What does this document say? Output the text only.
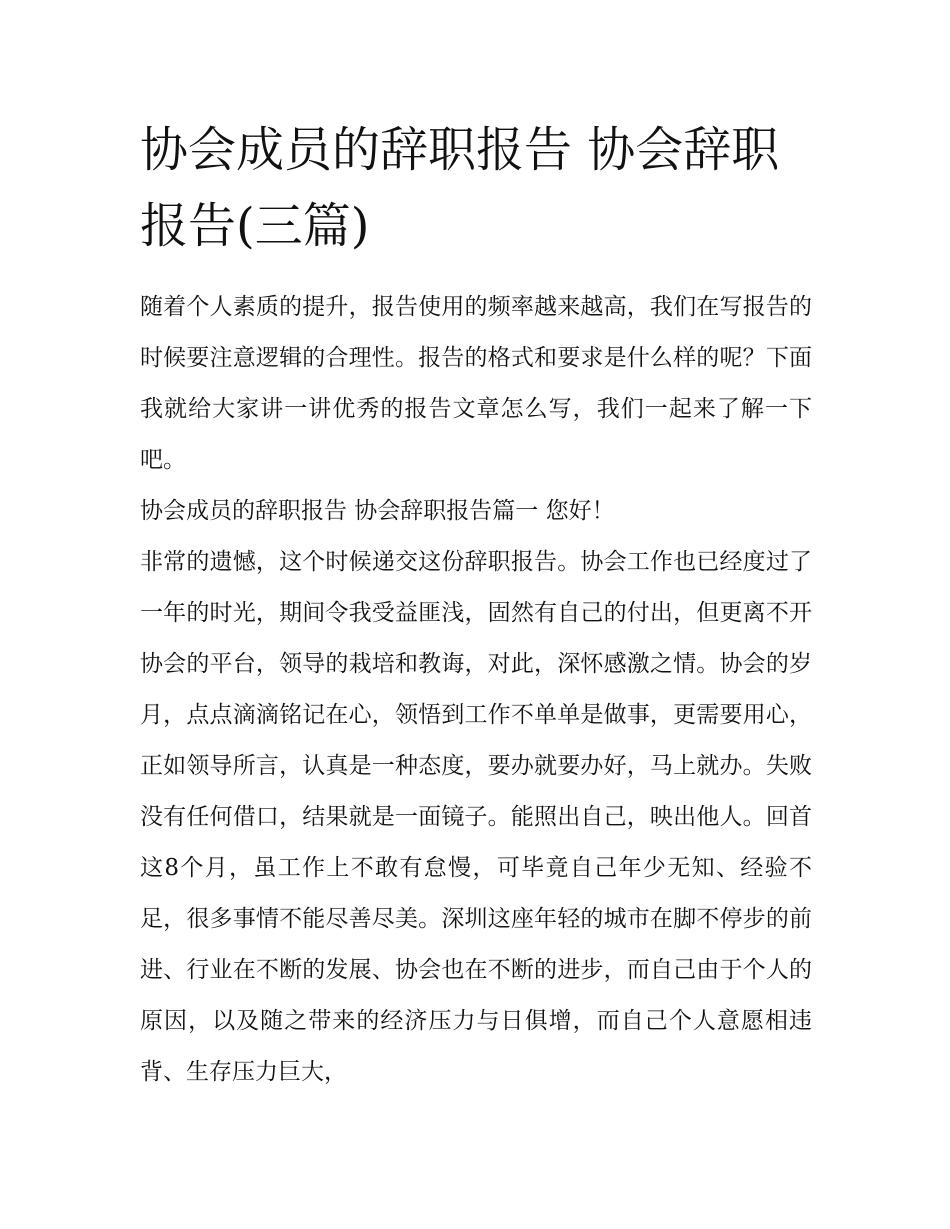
协会成员的辞职报告 协会辞职报告(三篇)

随着个人素质的提升，报告使用的频率越来越高，我们在写报告的时候要注意逻辑的合理性。报告的格式和要求是什么样的呢？下面我就给大家讲一讲优秀的报告文章怎么写，我们一起来了解一下吧。

协会成员的辞职报告 协会辞职报告篇一 您好！

非常的遗憾，这个时候递交这份辞职报告。协会工作也已经度过了一年的时光，期间令我受益匪浅，固然有自己的付出，但更离不开协会的平台，领导的栽培和教诲，对此，深怀感激之情。协会的岁月，点点滴滴铭记在心，领悟到工作不单单是做事，更需要用心，正如领导所言，认真是一种态度，要办就要办好，马上就办。失败没有任何借口，结果就是一面镜子。能照出自己，映出他人。回首这8个月，虽工作上不敢有怠慢，可毕竟自己年少无知、经验不足，很多事情不能尽善尽美。深圳这座年轻的城市在脚不停步的前进、行业在不断的发展、协会也在不断的进步，而自己由于个人的原因，以及随之带来的经济压力与日俱增，而自己个人意愿相违背、生存压力巨大，
